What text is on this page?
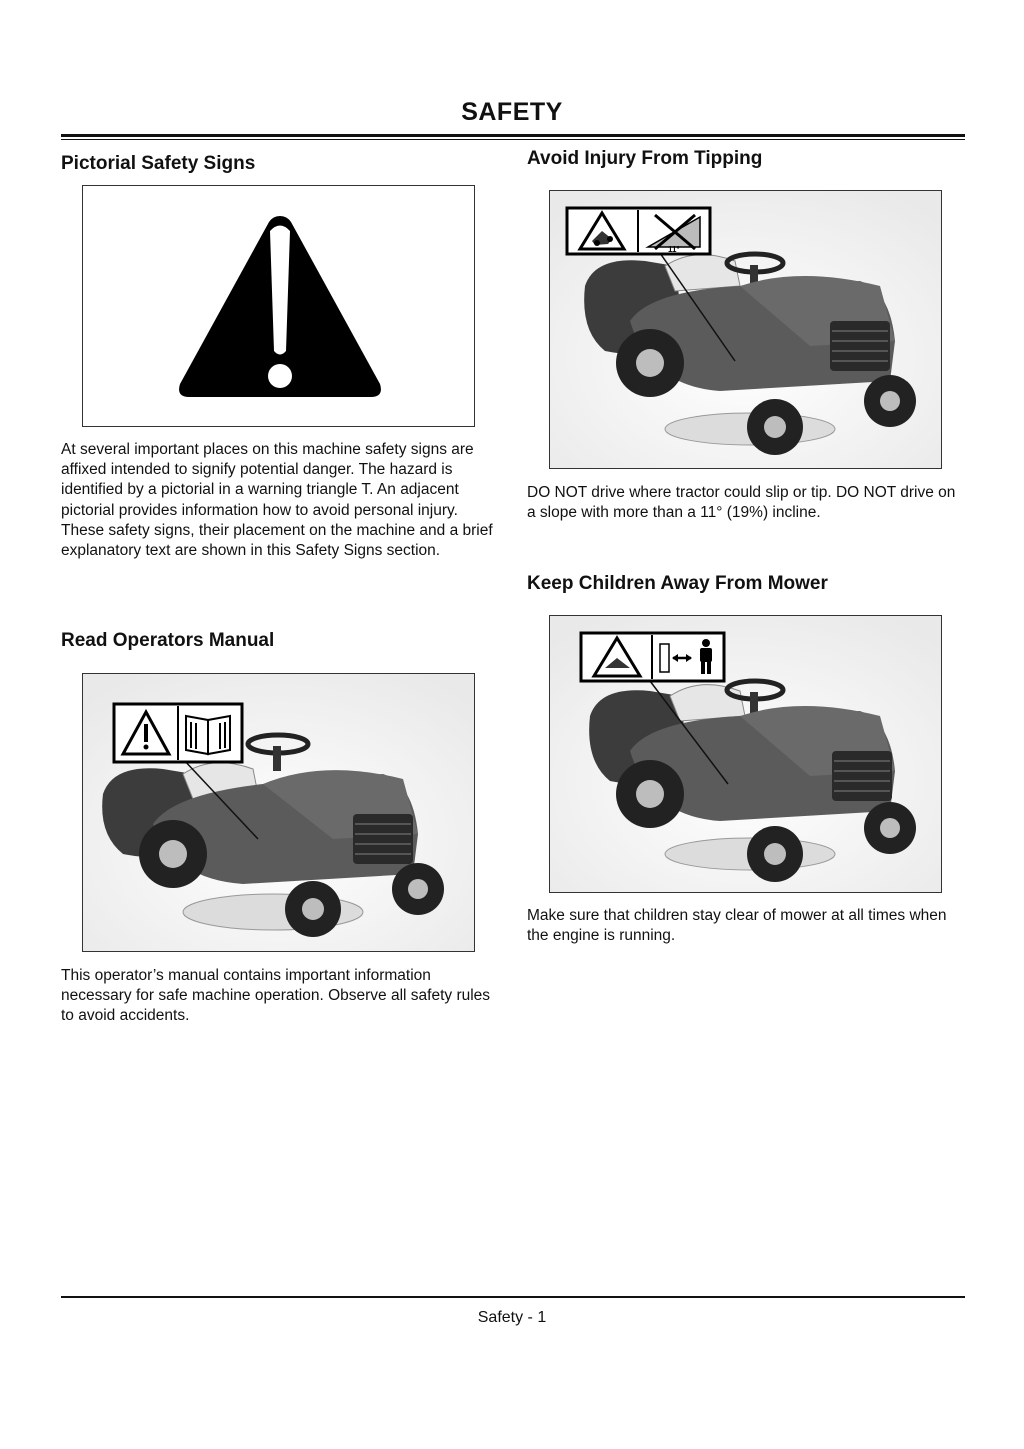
SAFETY
Pictorial Safety Signs

At several important places on this machine safety signs are affixed intended to signify potential danger. The hazard is identified by a pictorial in a warning triangle T. An adjacent pictorial provides information how to avoid personal injury. These safety signs, their placement on the machine and a brief explanatory text are shown in this Safety Signs section.

Read Operators Manual

This operator’s manual contains important information necessary for safe machine operation. Observe all safety rules to avoid accidents.

Avoid Injury From Tipping
11°

DO NOT drive where tractor could slip or tip. DO NOT drive on a slope with more than a 11° (19%) incline.

Keep Children Away From Mower

Make sure that children stay clear of mower at all times when the engine is running.

Safety - 1
